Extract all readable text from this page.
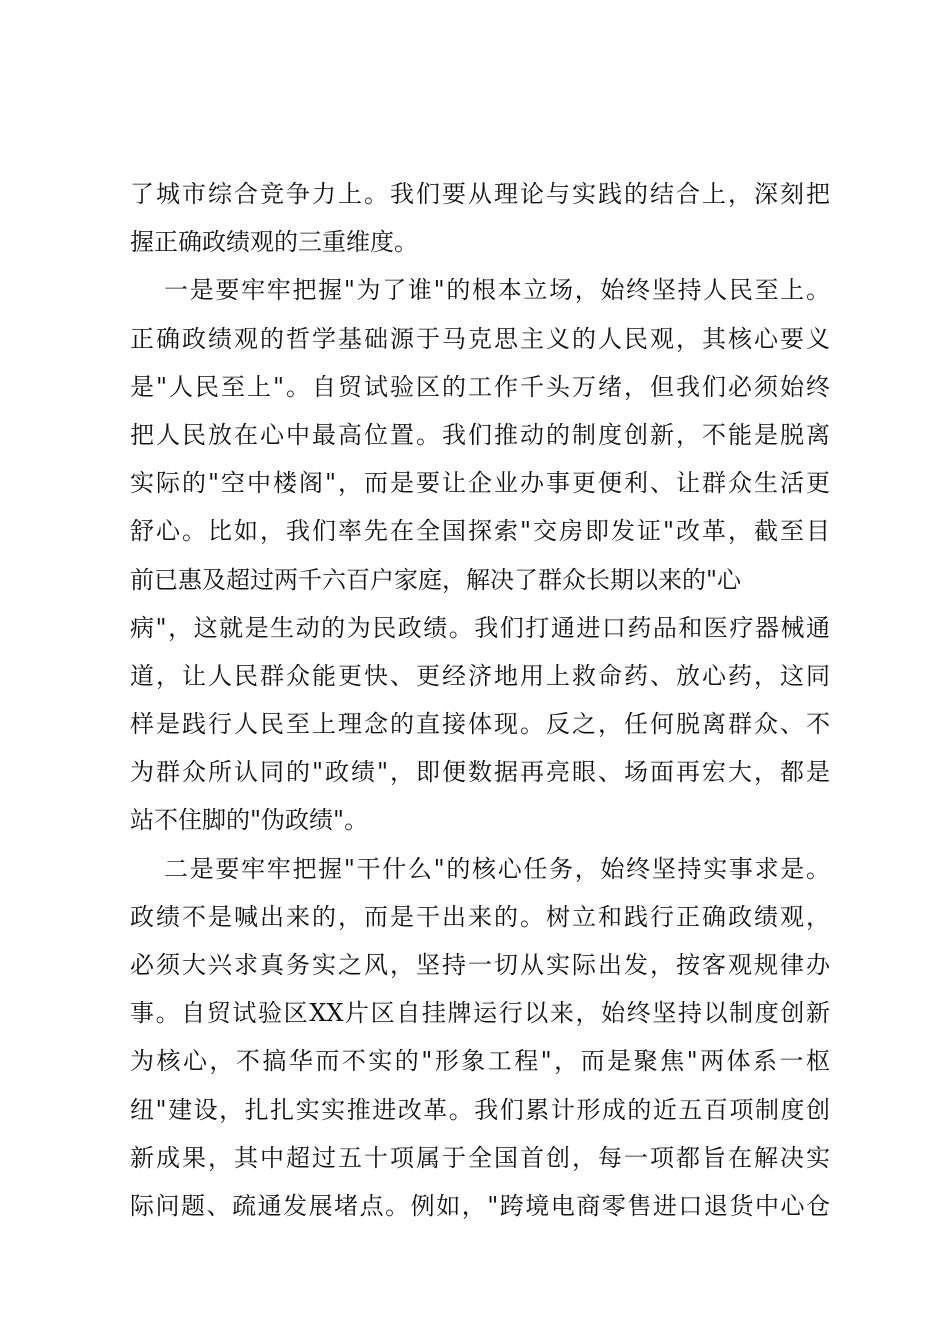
了城市综合竞争力上。我们要从理论与实践的结合上，深刻把
握正确政绩观的三重维度。
一是要牢牢把握"为了谁"的根本立场，始终坚持人民至上。
正确政绩观的哲学基础源于马克思主义的人民观，其核心要义
是"人民至上"。自贸试验区的工作千头万绪，但我们必须始终
把人民放在心中最高位置。我们推动的制度创新，不能是脱离
实际的"空中楼阁"，而是要让企业办事更便利、让群众生活更
舒心。比如，我们率先在全国探索"交房即发证"改革，截至目
前已惠及超过两千六百户家庭，解决了群众长期以来的"心
病"，这就是生动的为民政绩。我们打通进口药品和医疗器械通
道，让人民群众能更快、更经济地用上救命药、放心药，这同
样是践行人民至上理念的直接体现。反之，任何脱离群众、不
为群众所认同的"政绩"，即便数据再亮眼、场面再宏大，都是
站不住脚的"伪政绩"。
二是要牢牢把握"干什么"的核心任务，始终坚持实事求是。
政绩不是喊出来的，而是干出来的。树立和践行正确政绩观，
必须大兴求真务实之风，坚持一切从实际出发，按客观规律办
事。自贸试验区XX片区自挂牌运行以来，始终坚持以制度创新
为核心，不搞华而不实的"形象工程"，而是聚焦"两体系一枢
纽"建设，扎扎实实推进改革。我们累计形成的近五百项制度创
新成果，其中超过五十项属于全国首创，每一项都旨在解决实
际问题、疏通发展堵点。例如，"跨境电商零售进口退货中心仓
